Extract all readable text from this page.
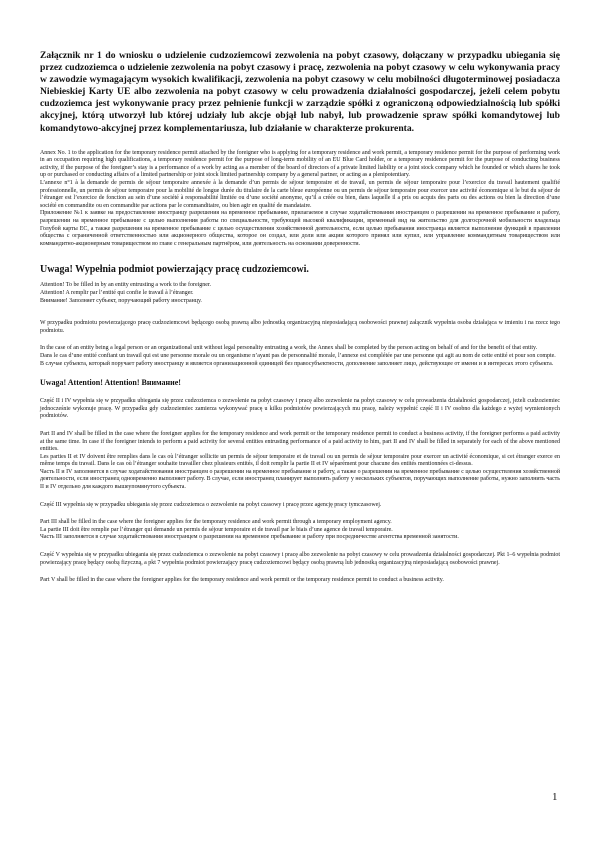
Załącznik nr 1 do wniosku o udzielenie cudzoziemcowi zezwolenia na pobyt czasowy, dołączany w przypadku ubiegania się przez cudzoziemca o udzielenie zezwolenia na pobyt czasowy i pracę, zezwolenia na pobyt czasowy w celu wykonywania pracy w zawodzie wymagającym wysokich kwalifikacji, zezwolenia na pobyt czasowy w celu mobilności długoterminowej posiadacza Niebieskiej Karty UE albo zezwolenia na pobyt czasowy w celu prowadzenia działalności gospodarczej, jeżeli celem pobytu cudzoziemca jest wykonywanie pracy przez pełnienie funkcji w zarządzie spółki z ograniczoną odpowiedzialnością lub spółki akcyjnej, którą utworzył lub której udziały lub akcje objął lub nabył, lub prowadzenie spraw spółki komandytowej lub komandytowo-akcyjnej przez komplementariusza, lub działanie w charakterze prokurenta.

Annex No. 1 to the application for the temporary residence permit attached by the foreigner who is applying for a temporary residence and work permit, a temporary residence permit for the purpose of performing work in an occupation requiring high qualifications, a temporary residence permit for the purpose of long-term mobility of an EU Blue Card holder, or a temporary residence permit for the purpose of conducting business activity, if the purpose of the foreigner’s stay is a performance of a work by acting as a member of the board of directors of a private limited liability or a joint stock company which he founded or which shares he took up or purchased or conducting affairs of a limited partnership or joint stock limited partnership company by a general partner, or acting as a plenipotentiary.

L’annexe n°1 à la demande de permis de séjour temporaire annexée à la demande d’un permis de séjour temporaire et de travail, un permis de séjour temporaire pour l’exercice du travail hautement qualifié professionnelle, un permis de séjour temporaire pour la mobilité de longue durée du titulaire de la carte bleue européenne ou un permis de séjour temporaire pour exercer une activité économique si le but du séjour de l’étranger est l’exercice de fonction au sein d’une société à responsabilité limitée ou d’une société anonyme, qu’il a créée ou bien, dans laquelle il a pris ou acquis des parts ou des actions ou bien la direction d’une société en commandite ou en commandite par actions par le commanditaire, ou bien agir en qualité de mandataire.

Приложение №1 к заявке на предоставление иностранцу разрешения на временное пребывание, прилагаемое в случае ходатайствования иностранцем о разрешении на временное пребывание и работу, разрешении на временное пребывание с целью выполнения работы по специальности, требующей высокой квалификации, временный вид на жительство для долгосрочной мобильности владельца Голубой карты ЕС, а также разрешения на временное пребывание с целью осуществления хозяйственной деятельности, если целью пребывания иностранца является выполнение функций в правлении общества с ограниченной ответственностью или акционерного общества, которое он создал, или доли или акции которого принял или купил, или управление коммандитным товариществом или коммандитно-акционерным товариществом во главе с генеральным партнёром, или деятельность на основании доверенности.

Uwaga! Wypełnia podmiot powierzający pracę cudzoziemcowi.

Attention! To be filled in by an entity entrusting a work to the foreigner.

Attention! A remplir par l’entité qui confie le travail à l’étranger.

Внимание! Заполняет субъект, поручающий работу иностранцу.

W przypadku podmiotu powierzającego pracę cudzoziemcowi będącego osobą prawną albo jednostką organizacyjną nieposiadającą osobowości prawnej załącznik wypełnia osoba działająca w imieniu i na rzecz tego podmiotu.

In the case of an entity being a legal person or an organizational unit without legal personality entrusting a work, the Annex shall be completed by the person acting on behalf of and for the benefit of that entity.

Dans le cas d’une entité confiant un travail qui est une personne morale ou un organisme n’ayant pas de personnalité morale, l’annexe est complétée par une personne qui agit au nom de cette entité et pour son compte.

В случае субъекта, который поручает работу иностранцу и является организационной единицей без правосубъектности, дополнение заполняет лицо, действующее от имени и в интересах этого субъекта.

Uwaga! Attention! Attention! Внимание!

Część II i IV wypełnia się w przypadku ubiegania się przez cudzoziemca o zezwolenie na pobyt czasowy i pracę albo zezwolenie na pobyt czasowy w celu prowadzenia działalności gospodarczej, jeżeli cudzoziemiec jednocześnie wykonuje pracę. W przypadku gdy cudzoziemiec zamierza wykonywać pracę u kilku podmiotów powierzających mu pracę, należy wypełnić część II i IV osobno dla każdego z wyżej wymienionych podmiotów.

Part II and IV shall be filled in the case where the foreigner applies for the temporary residence and work permit or the temporary residence permit to conduct a business activity, if the foreigner performs a paid activity at the same time. In case if the foreigner intends to perform a paid activity for several entities entrusting performance of a paid activity to him, part II and IV shall be filled in separately for each of the above mentioned entities.

Les parties II et IV doivent être remplies dans le cas où l’étranger sollicite un permis de séjour temporaire et de travail ou un permis de séjour temporaire pour exercer un activité économique, si cet étranger exerce en même temps du travail. Dans le cas où l’étranger souhaite travailler chez plusieurs entités, il doit remplir la partie II et IV séparément pour chacune des entités mentionnées ci-dessus.

Часть II и IV заполняется в случае ходатайствования иностранцем о разрешении на временное пребывание и работу, а также о разрешении на временное пребывание с целью осуществления хозяйственной деятельности, если иностранец одновременно выполняет работу. В случае, если иностранец планирует выполнять работу у нескольких субъектов, поручающих выполнение работы, нужно заполнить часть II и IV отдельно для каждого вышеупомянутого субъекта.

Część III wypełnia się w przypadku ubiegania się przez cudzoziemca o zezwolenie na pobyt czasowy i pracę przez agencję pracy tymczasowej.

Part III shall be filled in the case where the foreigner applies for the temporary residence and work permit through a temporary employment agency.

La partie III doit être remplie par l’étranger qui demande un permis de séjour temporaire et de travail par le biais d’une agence de travail temporaire.

Часть III заполняется в случае ходатайствования иностранцем о разрешении на временное пребывание и работу при посредничестве агентства временной занятости.

Część V wypełnia się w przypadku ubiegania się przez cudzoziemca o zezwolenie na pobyt czasowy i pracę albo zezwolenie na pobyt czasowy w celu prowadzenia działalności gospodarczej. Pkt 1–6 wypełnia podmiot powierzający pracę będący osobą fizyczną, a pkt 7 wypełnia podmiot powierzający pracę cudzoziemcowi będący osobą prawną lub jednostką organizacyjną nieposiadającą osobowości prawnej.

Part V shall be filled in the case where the foreigner applies for the temporary residence and work permit or the temporary residence permit to conduct a business activity.

1
